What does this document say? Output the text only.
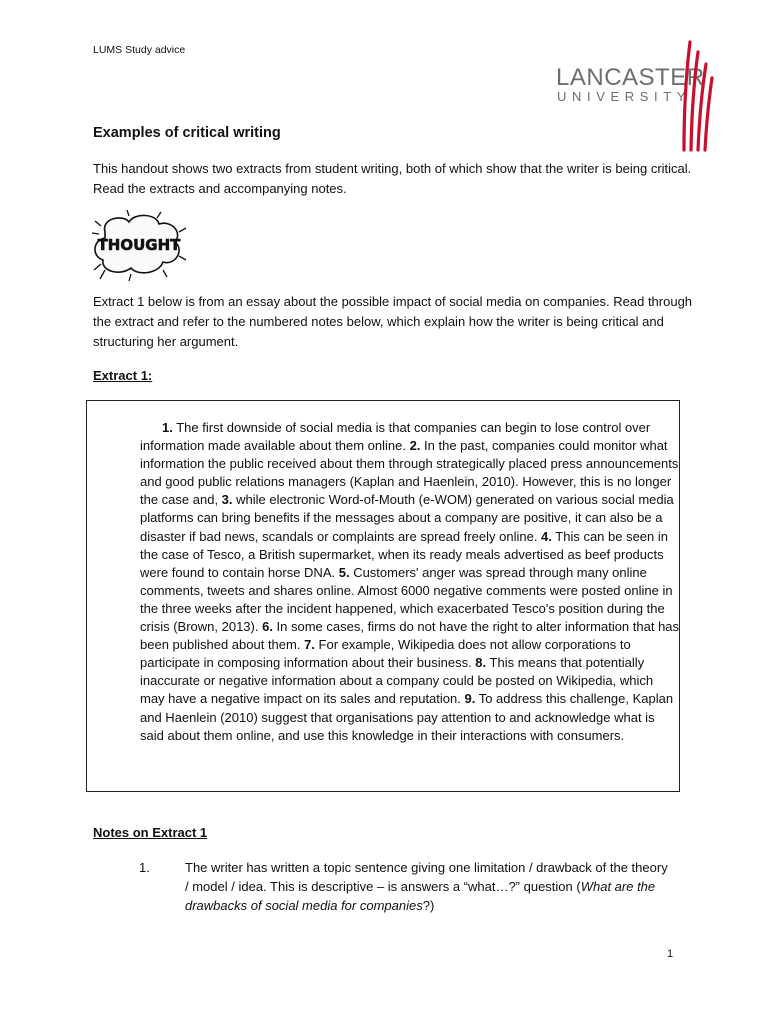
LUMS Study advice
LANCASTER
UNIVERSITY
Examples of critical writing

This handout shows two extracts from student writing, both of which show that the writer is being critical. Read the extracts and accompanying notes.

THOUGHT

Extract 1 below is from an essay about the possible impact of social media on companies. Read through the extract and refer to the numbered notes below, which explain how the writer is being critical and structuring her argument.

Extract 1:

1. The first downside of social media is that companies can begin to lose control over information made available about them online. 2. In the past, companies could monitor what information the public received about them through strategically placed press announcements and good public relations managers (Kaplan and Haenlein, 2010). However, this is no longer the case and, 3. while electronic Word-of-Mouth (e-WOM) generated on various social media platforms can bring benefits if the messages about a company are positive, it can also be a disaster if bad news, scandals or complaints are spread freely online. 4. This can be seen in the case of Tesco, a British supermarket, when its ready meals advertised as beef products were found to contain horse DNA. 5. Customers' anger was spread through many online comments, tweets and shares online. Almost 6000 negative comments were posted online in the three weeks after the incident happened, which exacerbated Tesco's position during the crisis (Brown, 2013). 6. In some cases, firms do not have the right to alter information that has been published about them. 7. For example, Wikipedia does not allow corporations to participate in composing information about their business. 8. This means that potentially inaccurate or negative information about a company could be posted on Wikipedia, which may have a negative impact on its sales and reputation. 9. To address this challenge, Kaplan and Haenlein (2010) suggest that organisations pay attention to and acknowledge what is said about them online, and use this knowledge in their interactions with consumers.

Notes on Extract 1
1.	The writer has written a topic sentence giving one limitation / drawback of the theory / model / idea. This is descriptive – is answers a “what…?” question (What are the drawbacks of social media for companies?)

1
